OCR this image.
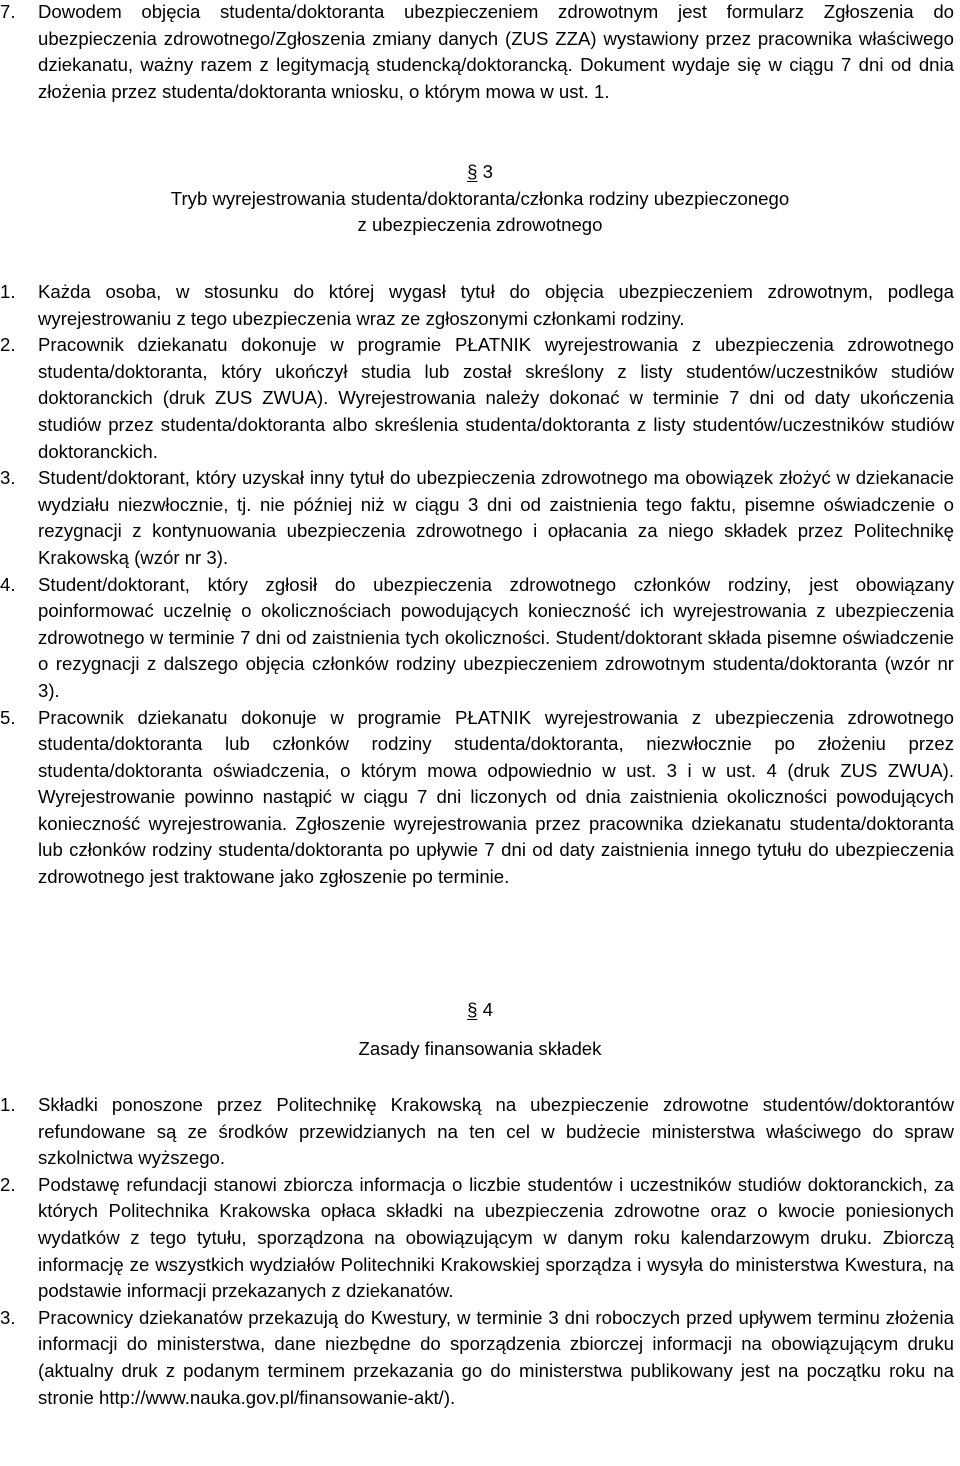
7. Dowodem objęcia studenta/doktoranta ubezpieczeniem zdrowotnym jest formularz Zgłoszenia do ubezpieczenia zdrowotnego/Zgłoszenia zmiany danych (ZUS ZZA) wystawiony przez pracownika właściwego dziekanatu, ważny razem z legitymacją studencką/doktorancką. Dokument wydaje się w ciągu 7 dni od dnia złożenia przez studenta/doktoranta wniosku, o którym mowa w ust. 1.

§ 3
Tryb wyrejestrowania studenta/doktoranta/członka rodziny ubezpieczonego
z ubezpieczenia zdrowotnego
1. Każda osoba, w stosunku do której wygasł tytuł do objęcia ubezpieczeniem zdrowotnym, podlega wyrejestrowaniu z tego ubezpieczenia wraz ze zgłoszonymi członkami rodziny.

2. Pracownik dziekanatu dokonuje w programie PŁATNIK wyrejestrowania z ubezpieczenia zdrowotnego studenta/doktoranta, który ukończył studia lub został skreślony z listy studentów/uczestników studiów doktoranckich (druk ZUS ZWUA). Wyrejestrowania należy dokonać w terminie 7 dni od daty ukończenia studiów przez studenta/doktoranta albo skreślenia studenta/doktoranta z listy studentów/uczestników studiów doktoranckich.

3. Student/doktorant, który uzyskał inny tytuł do ubezpieczenia zdrowotnego ma obowiązek złożyć w dziekanacie wydziału niezwłocznie, tj. nie później niż w ciągu 3 dni od zaistnienia tego faktu, pisemne oświadczenie o rezygnacji z kontynuowania ubezpieczenia zdrowotnego i opłacania za niego składek przez Politechnikę Krakowską (wzór nr 3).

4. Student/doktorant, który zgłosił do ubezpieczenia zdrowotnego członków rodziny, jest obowiązany poinformować uczelnię o okolicznościach powodujących konieczność ich wyrejestrowania z ubezpieczenia zdrowotnego w terminie 7 dni od zaistnienia tych okoliczności. Student/doktorant składa pisemne oświadczenie o rezygnacji z dalszego objęcia członków rodziny ubezpieczeniem zdrowotnym studenta/doktoranta (wzór nr 3).

5. Pracownik dziekanatu dokonuje w programie PŁATNIK wyrejestrowania z ubezpieczenia zdrowotnego studenta/doktoranta lub członków rodziny studenta/doktoranta, niezwłocznie po złożeniu przez studenta/doktoranta oświadczenia, o którym mowa odpowiednio w ust. 3 i w ust. 4 (druk ZUS ZWUA). Wyrejestrowanie powinno nastąpić w ciągu 7 dni liczonych od dnia zaistnienia okoliczności powodujących konieczność wyrejestrowania. Zgłoszenie wyrejestrowania przez pracownika dziekanatu studenta/doktoranta lub członków rodziny studenta/doktoranta po upływie 7 dni od daty zaistnienia innego tytułu do ubezpieczenia zdrowotnego jest traktowane jako zgłoszenie po terminie.

§ 4
Zasady finansowania składek
1. Składki ponoszone przez Politechnikę Krakowską na ubezpieczenie zdrowotne studentów/doktorantów refundowane są ze środków przewidzianych na ten cel w budżecie ministerstwa właściwego do spraw szkolnictwa wyższego.

2. Podstawę refundacji stanowi zbiorcza informacja o liczbie studentów i uczestników studiów doktoranckich, za których Politechnika Krakowska opłaca składki na ubezpieczenia zdrowotne oraz o kwocie poniesionych wydatków z tego tytułu, sporządzona na obowiązującym w danym roku kalendarzowym druku. Zbiorczą informację ze wszystkich wydziałów Politechniki Krakowskiej sporządza i wysyła do ministerstwa Kwestura, na podstawie informacji przekazanych z dziekanatów.

3. Pracownicy dziekanatów przekazują do Kwestury, w terminie 3 dni roboczych przed upływem terminu złożenia informacji do ministerstwa, dane niezbędne do sporządzenia zbiorczej informacji na obowiązującym druku (aktualny druk z podanym terminem przekazania go do ministerstwa publikowany jest na początku roku na stronie http://www.nauka.gov.pl/finansowanie-akt/).
